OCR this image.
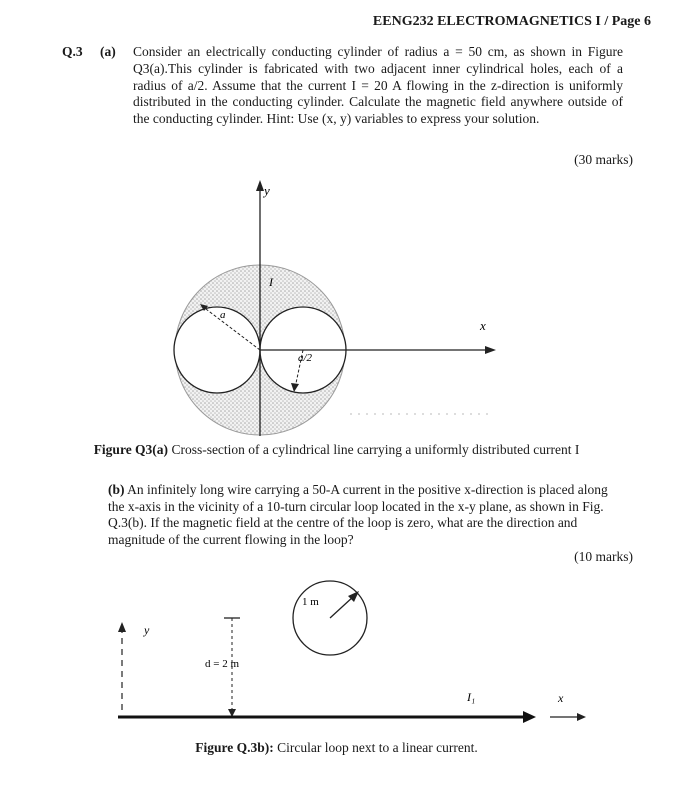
EENG232 ELECTROMAGNETICS I / Page 6
Q.3 (a) Consider an electrically conducting cylinder of radius a = 50 cm, as shown in Figure Q3(a).This cylinder is fabricated with two adjacent inner cylindrical holes, each of a radius of a/2. Assume that the current I = 20 A flowing in the z-direction is uniformly distributed in the conducting cylinder. Calculate the magnetic field anywhere outside of the conducting cylinder. Hint: Use (x, y) variables to express your solution.
(30 marks)
y
x
I
a
a/2
Figure Q3(a) Cross-section of a cylindrical line carrying a uniformly distributed current I
(b) An infinitely long wire carrying a 50-A current in the positive x-direction is placed along the x-axis in the vicinity of a 10-turn circular loop located in the x-y plane, as shown in Fig. Q.3(b). If the magnetic field at the centre of the loop is zero, what are the direction and magnitude of the current flowing in the loop?
(10 marks)
1 m
y
d = 2 m
I₁	x
Figure Q.3b): Circular loop next to a linear current.
